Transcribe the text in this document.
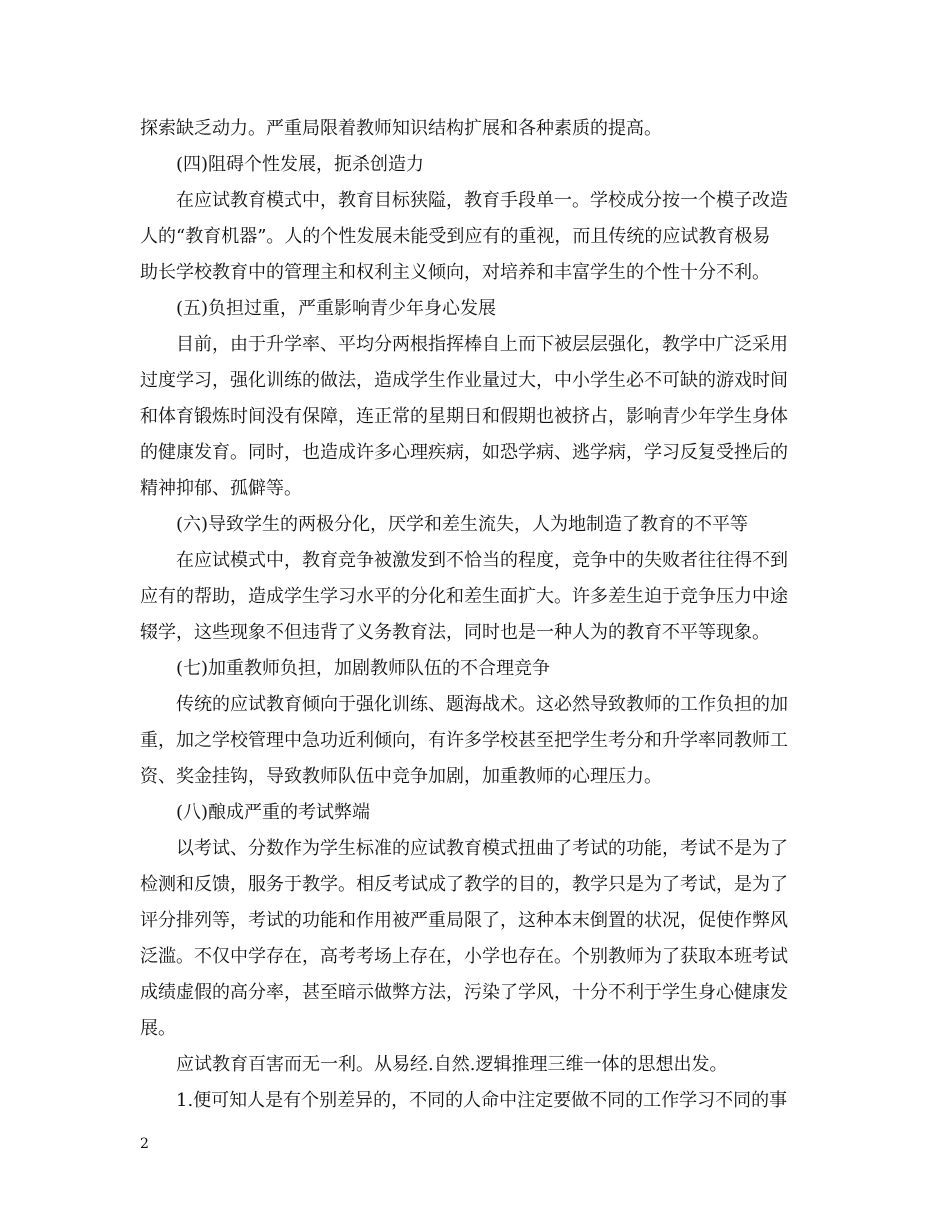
探索缺乏动力。严重局限着教师知识结构扩展和各种素质的提高。
(四)阻碍个性发展，扼杀创造力
在应试教育模式中，教育目标狭隘，教育手段单一。学校成分按一个模子改造
人的“教育机器”。人的个性发展未能受到应有的重视，而且传统的应试教育极易
助长学校教育中的管理主和权利主义倾向，对培养和丰富学生的个性十分不利。
(五)负担过重，严重影响青少年身心发展
目前，由于升学率、平均分两根指挥棒自上而下被层层强化，教学中广泛采用
过度学习，强化训练的做法，造成学生作业量过大，中小学生必不可缺的游戏时间
和体育锻炼时间没有保障，连正常的星期日和假期也被挤占，影响青少年学生身体
的健康发育。同时，也造成许多心理疾病，如恐学病、逃学病，学习反复受挫后的
精神抑郁、孤僻等。
(六)导致学生的两极分化，厌学和差生流失，人为地制造了教育的不平等
在应试模式中，教育竞争被激发到不恰当的程度，竞争中的失败者往往得不到
应有的帮助，造成学生学习水平的分化和差生面扩大。许多差生迫于竞争压力中途
辍学，这些现象不但违背了义务教育法，同时也是一种人为的教育不平等现象。
(七)加重教师负担，加剧教师队伍的不合理竞争
传统的应试教育倾向于强化训练、题海战术。这必然导致教师的工作负担的加
重，加之学校管理中急功近利倾向，有许多学校甚至把学生考分和升学率同教师工
资、奖金挂钩，导致教师队伍中竞争加剧，加重教师的心理压力。
(八)酿成严重的考试弊端
以考试、分数作为学生标准的应试教育模式扭曲了考试的功能，考试不是为了
检测和反馈，服务于教学。相反考试成了教学的目的，教学只是为了考试，是为了
评分排列等，考试的功能和作用被严重局限了，这种本末倒置的状况，促使作弊风
泛滥。不仅中学存在，高考考场上存在，小学也存在。个别教师为了获取本班考试
成绩虚假的高分率，甚至暗示做弊方法，污染了学风，十分不利于学生身心健康发
展。
应试教育百害而无一利。从易经.自然.逻辑推理三维一体的思想出发。
1.便可知人是有个别差异的，不同的人命中注定要做不同的工作学习不同的事
2
